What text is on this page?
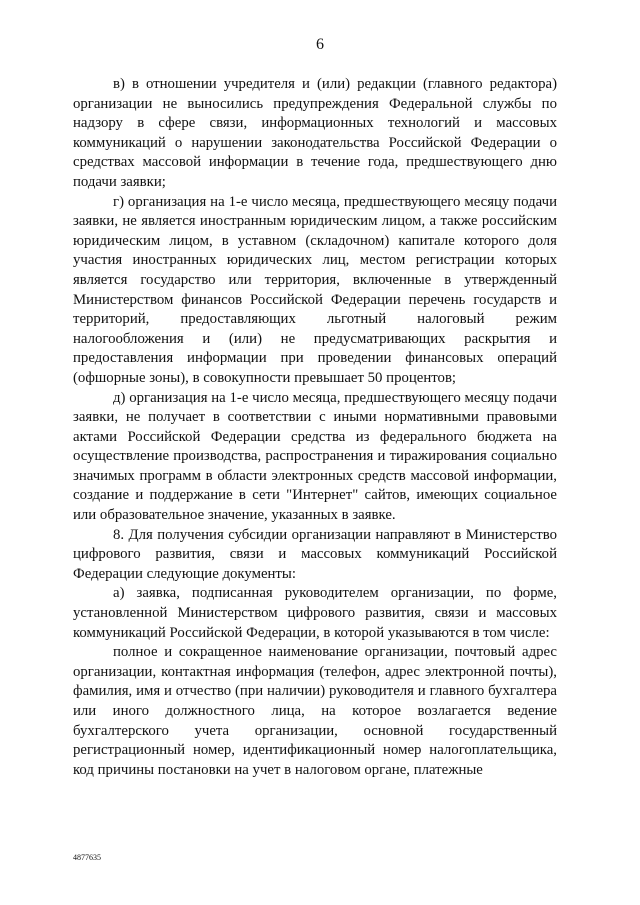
6

в) в отношении учредителя и (или) редакции (главного редактора) организации не выносились предупреждения Федеральной службы по надзору в сфере связи, информационных технологий и массовых коммуникаций о нарушении законодательства Российской Федерации о средствах массовой информации в течение года, предшествующего дню подачи заявки;

г) организация на 1-е число месяца, предшествующего месяцу подачи заявки, не является иностранным юридическим лицом, а также российским юридическим лицом, в уставном (складочном) капитале которого доля участия иностранных юридических лиц, местом регистрации которых является государство или территория, включенные в утвержденный Министерством финансов Российской Федерации перечень государств и территорий, предоставляющих льготный налоговый режим налогообложения и (или) не предусматривающих раскрытия и предоставления информации при проведении финансовых операций (офшорные зоны), в совокупности превышает 50 процентов;

д) организация на 1-е число месяца, предшествующего месяцу подачи заявки, не получает в соответствии с иными нормативными правовыми актами Российской Федерации средства из федерального бюджета на осуществление производства, распространения и тиражирования социально значимых программ в области электронных средств массовой информации, создание и поддержание в сети "Интернет" сайтов, имеющих социальное или образовательное значение, указанных в заявке.

8. Для получения субсидии организации направляют в Министерство цифрового развития, связи и массовых коммуникаций Российской Федерации следующие документы:

а) заявка, подписанная руководителем организации, по форме, установленной Министерством цифрового развития, связи и массовых коммуникаций Российской Федерации, в которой указываются в том числе:

полное и сокращенное наименование организации, почтовый адрес организации, контактная информация (телефон, адрес электронной почты), фамилия, имя и отчество (при наличии) руководителя и главного бухгалтера или иного должностного лица, на которое возлагается ведение бухгалтерского учета организации, основной государственный регистрационный номер, идентификационный номер налогоплательщика, код причины постановки на учет в налоговом органе, платежные

4877635
